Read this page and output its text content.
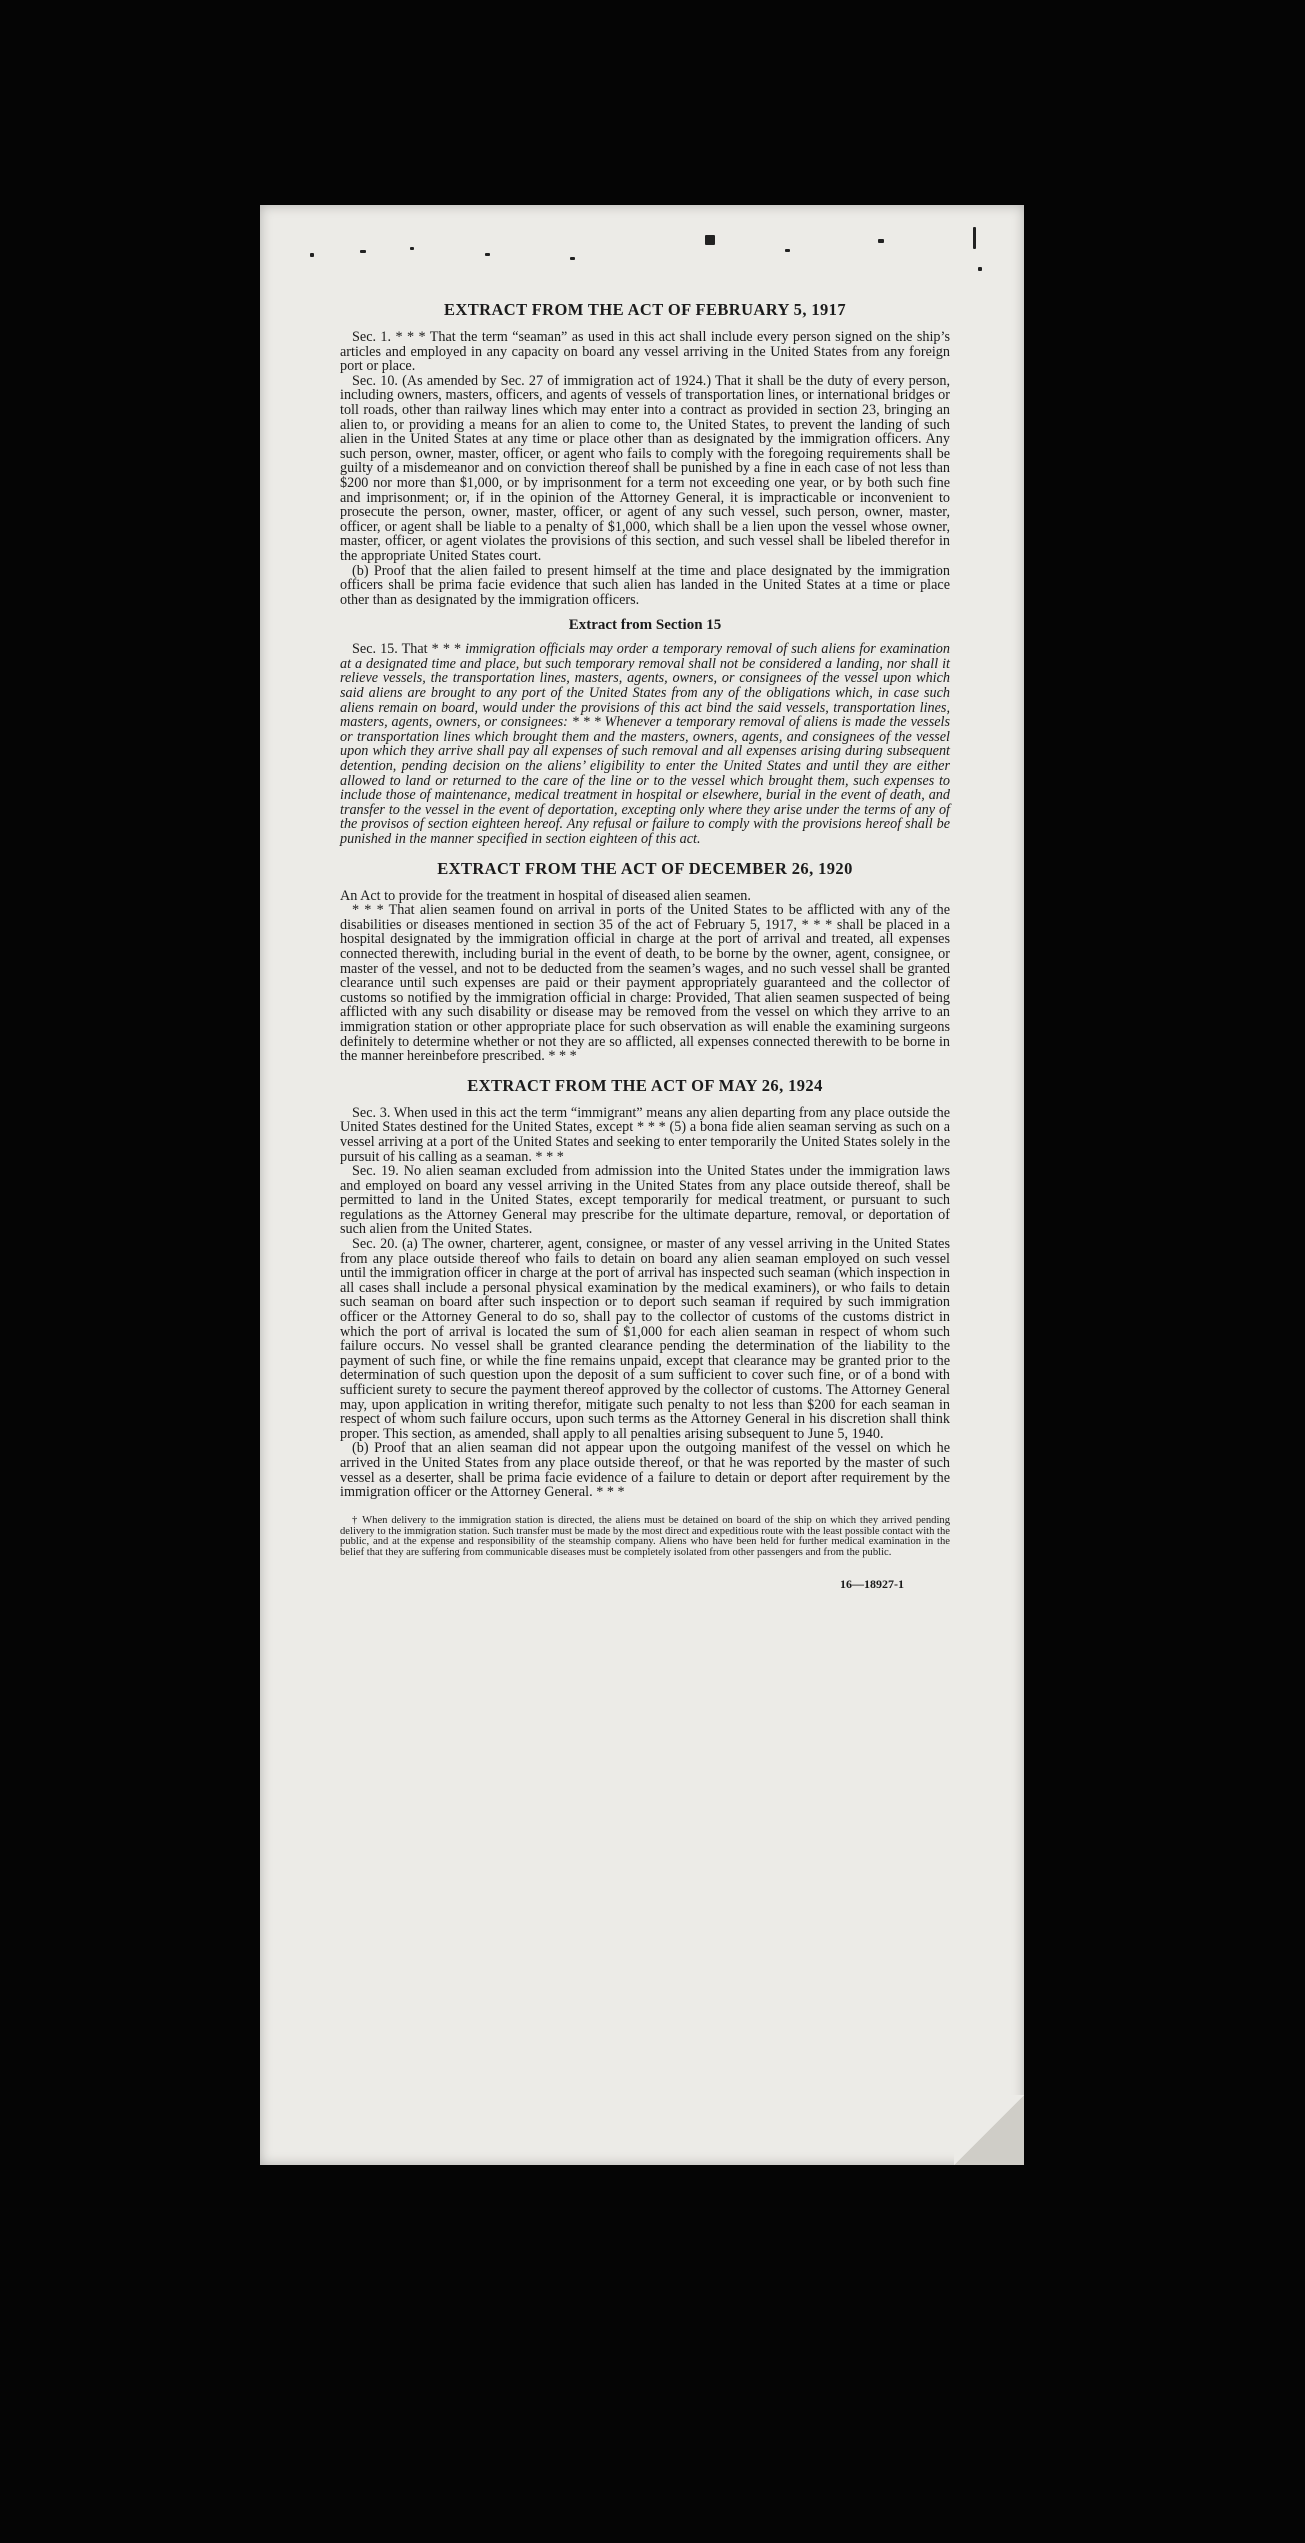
EXTRACT FROM THE ACT OF FEBRUARY 5, 1917

Sec. 1. * * * That the term “seaman” as used in this act shall include every person signed on the ship’s articles and employed in any capacity on board any vessel arriving in the United States from any foreign port or place.

Sec. 10. (As amended by Sec. 27 of immigration act of 1924.) That it shall be the duty of every person, including owners, masters, officers, and agents of vessels of transportation lines, or international bridges or toll roads, other than railway lines which may enter into a contract as provided in section 23, bringing an alien to, or providing a means for an alien to come to, the United States, to prevent the landing of such alien in the United States at any time or place other than as designated by the immigration officers. Any such person, owner, master, officer, or agent who fails to comply with the foregoing requirements shall be guilty of a misdemeanor and on conviction thereof shall be punished by a fine in each case of not less than $200 nor more than $1,000, or by imprisonment for a term not exceeding one year, or by both such fine and imprisonment; or, if in the opinion of the Attorney General, it is impracticable or inconvenient to prosecute the person, owner, master, officer, or agent of any such vessel, such person, owner, master, officer, or agent shall be liable to a penalty of $1,000, which shall be a lien upon the vessel whose owner, master, officer, or agent violates the provisions of this section, and such vessel shall be libeled therefor in the appropriate United States court.

(b) Proof that the alien failed to present himself at the time and place designated by the immigration officers shall be prima facie evidence that such alien has landed in the United States at a time or place other than as designated by the immigration officers.

Extract from Section 15

Sec. 15. That * * * immigration officials may order a temporary removal of such aliens for examination at a designated time and place, but such temporary removal shall not be considered a landing, nor shall it relieve vessels, the transportation lines, masters, agents, owners, or consignees of the vessel upon which said aliens are brought to any port of the United States from any of the obligations which, in case such aliens remain on board, would under the provisions of this act bind the said vessels, transportation lines, masters, agents, owners, or consignees: * * * Whenever a temporary removal of aliens is made the vessels or transportation lines which brought them and the masters, owners, agents, and consignees of the vessel upon which they arrive shall pay all expenses of such removal and all expenses arising during subsequent detention, pending decision on the aliens’ eligibility to enter the United States and until they are either allowed to land or returned to the care of the line or to the vessel which brought them, such expenses to include those of maintenance, medical treatment in hospital or elsewhere, burial in the event of death, and transfer to the vessel in the event of deportation, excepting only where they arise under the terms of any of the provisos of section eighteen hereof. Any refusal or failure to comply with the provisions hereof shall be punished in the manner specified in section eighteen of this act.

EXTRACT FROM THE ACT OF DECEMBER 26, 1920

An Act to provide for the treatment in hospital of diseased alien seamen.

* * * That alien seamen found on arrival in ports of the United States to be afflicted with any of the disabilities or diseases mentioned in section 35 of the act of February 5, 1917, * * * shall be placed in a hospital designated by the immigration official in charge at the port of arrival and treated, all expenses connected therewith, including burial in the event of death, to be borne by the owner, agent, consignee, or master of the vessel, and not to be deducted from the seamen’s wages, and no such vessel shall be granted clearance until such expenses are paid or their payment appropriately guaranteed and the collector of customs so notified by the immigration official in charge: Provided, That alien seamen suspected of being afflicted with any such disability or disease may be removed from the vessel on which they arrive to an immigration station or other appropriate place for such observation as will enable the examining surgeons definitely to determine whether or not they are so afflicted, all expenses connected therewith to be borne in the manner hereinbefore prescribed. * * *

EXTRACT FROM THE ACT OF MAY 26, 1924

Sec. 3. When used in this act the term “immigrant” means any alien departing from any place outside the United States destined for the United States, except * * * (5) a bona fide alien seaman serving as such on a vessel arriving at a port of the United States and seeking to enter temporarily the United States solely in the pursuit of his calling as a seaman. * * *

Sec. 19. No alien seaman excluded from admission into the United States under the immigration laws and employed on board any vessel arriving in the United States from any place outside thereof, shall be permitted to land in the United States, except temporarily for medical treatment, or pursuant to such regulations as the Attorney General may prescribe for the ultimate departure, removal, or deportation of such alien from the United States.

Sec. 20. (a) The owner, charterer, agent, consignee, or master of any vessel arriving in the United States from any place outside thereof who fails to detain on board any alien seaman employed on such vessel until the immigration officer in charge at the port of arrival has inspected such seaman (which inspection in all cases shall include a personal physical examination by the medical examiners), or who fails to detain such seaman on board after such inspection or to deport such seaman if required by such immigration officer or the Attorney General to do so, shall pay to the collector of customs of the customs district in which the port of arrival is located the sum of $1,000 for each alien seaman in respect of whom such failure occurs. No vessel shall be granted clearance pending the determination of the liability to the payment of such fine, or while the fine remains unpaid, except that clearance may be granted prior to the determination of such question upon the deposit of a sum sufficient to cover such fine, or of a bond with sufficient surety to secure the payment thereof approved by the collector of customs. The Attorney General may, upon application in writing therefor, mitigate such penalty to not less than $200 for each seaman in respect of whom such failure occurs, upon such terms as the Attorney General in his discretion shall think proper. This section, as amended, shall apply to all penalties arising subsequent to June 5, 1940.

(b) Proof that an alien seaman did not appear upon the outgoing manifest of the vessel on which he arrived in the United States from any place outside thereof, or that he was reported by the master of such vessel as a deserter, shall be prima facie evidence of a failure to detain or deport after requirement by the immigration officer or the Attorney General. * * *

† When delivery to the immigration station is directed, the aliens must be detained on board of the ship on which they arrived pending delivery to the immigration station. Such transfer must be made by the most direct and expeditious route with the least possible contact with the public, and at the expense and responsibility of the steamship company. Aliens who have been held for further medical examination in the belief that they are suffering from communicable diseases must be completely isolated from other passengers and from the public.

16—18927-1
